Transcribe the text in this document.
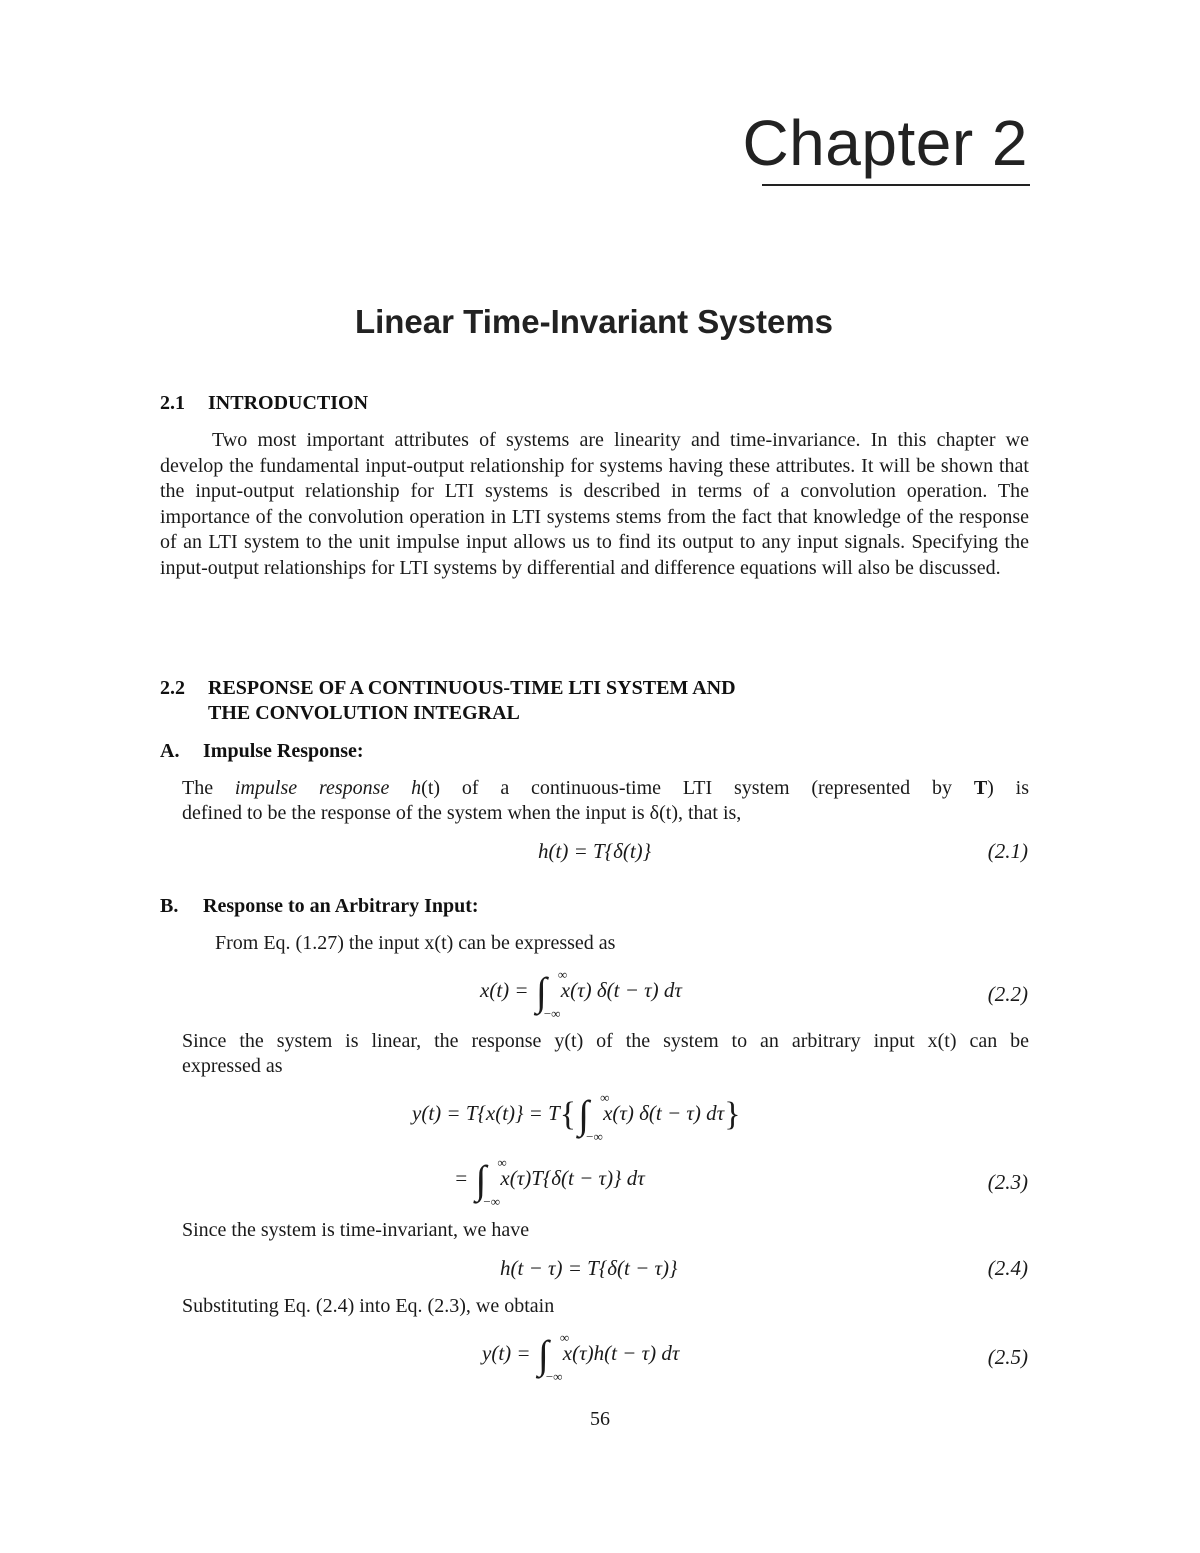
Chapter 2
Linear Time-Invariant Systems
2.1 INTRODUCTION
Two most important attributes of systems are linearity and time-invariance. In this chapter we develop the fundamental input-output relationship for systems having these attributes. It will be shown that the input-output relationship for LTI systems is described in terms of a convolution operation. The importance of the convolution operation in LTI systems stems from the fact that knowledge of the response of an LTI system to the unit impulse input allows us to find its output to any input signals. Specifying the input-output relationships for LTI systems by differential and difference equations will also be discussed.
2.2 RESPONSE OF A CONTINUOUS-TIME LTI SYSTEM AND
THE CONVOLUTION INTEGRAL
A. Impulse Response:
The impulse response h(t) of a continuous-time LTI system (represented by T) is
defined to be the response of the system when the input is δ(t), that is,
h(t) = T{δ(t)}	(2.1)
B. Response to an Arbitrary Input:
From Eq. (1.27) the input x(t) can be expressed as
x(t) = ∫ ∞
−∞
x(τ) δ(t − τ) dτ	(2.2)
Since the system is linear, the response y(t) of the system to an arbitrary input x(t) can be
expressed as
y(t) = T{x(t)} = T{∫ ∞
−∞
x(τ) δ(t − τ) dτ}
= ∫ ∞
−∞
x(τ)T{δ(t − τ)} dτ	(2.3)
Since the system is time-invariant, we have
h(t − τ) = T{δ(t − τ)}	(2.4)
Substituting Eq. (2.4) into Eq. (2.3), we obtain
y(t) = ∫ ∞
−∞
x(τ)h(t − τ) dτ	(2.5)
56
